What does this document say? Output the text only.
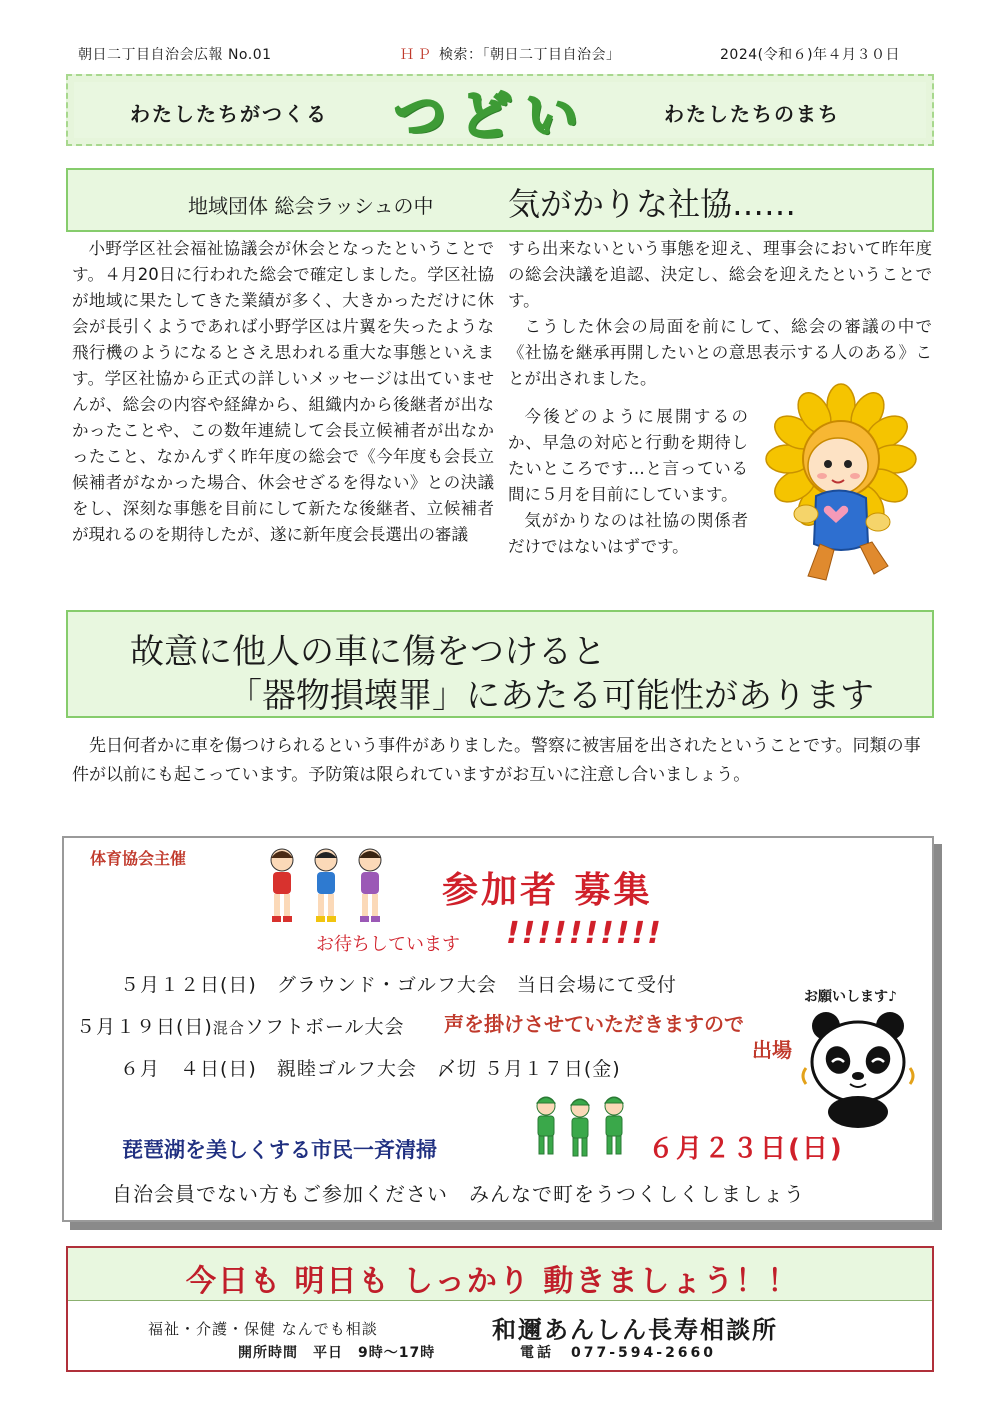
朝日二丁目自治会広報 No.01	ＨＰ 検索：「朝日二丁目自治会」	2024(令和６)年４月３０日
わたしたちがつくる つどい	わたしたちのまち
地域団体 総会ラッシュの中 気がかりな社協……

小野学区社会福祉協議会が休会となったということです。４月20日に行われた総会で確定しました。学区社協が地域に果たしてきた業績が多く、大きかっただけに休会が長引くようであれば小野学区は片翼を失ったような飛行機のようになるとさえ思われる重大な事態といえます。学区社協から正式の詳しいメッセージは出ていませんが、総会の内容や経緯から、組織内から後継者が出なかったことや、この数年連続して会長立候補者が出なかったこと、なかんずく昨年度の総会で《今年度も会長立候補者がなかった場合、休会せざるを得ない》との決議をし、深刻な事態を目前にして新たな後継者、立候補者が現れるのを期待したが、遂に新年度会長選出の審議

すら出来ないという事態を迎え、理事会において昨年度の総会決議を追認、決定し、総会を迎えたということです。

こうした休会の局面を前にして、総会の審議の中で《社協を継承再開したいとの意思表示する人のある》ことが出されました。

今後どのように展開するのか、早急の対応と行動を期待したいところです…と言っている間に５月を目前にしています。

気がかりなのは社協の関係者だけではないはずです。

故意に他人の車に傷をつけると
「器物損壊罪」にあたる可能性があります
先日何者かに車を傷つけられるという事件がありました。警察に被害届を出されたということです。同類の事件が以前にも起こっています。予防策は限られていますがお互いに注意し合いましょう。
体育協会主催
参加者 募集
お待ちしています !!!!!!!!!!
５月１２日(日)　グラウンド・ゴルフ大会　当日会場にて受付
５月１９日(日)混合ソフトボール大会 声を掛けさせていただきますので
出場
６月　４日(日)　親睦ゴルフ大会　〆切 ５月１７日(金)
琵琶湖を美しくする市民一斉清掃	６月２３日(日)
自治会員でない方もご参加ください　みんなで町をうつくしくしましょう
お願いします♪
今日も 明日も しっかり 動きましょう！！
福祉・介護・保健 なんでも相談	和邇あんしん長寿相談所
開所時間　平日　9時～17時	電話　077-594-2660
